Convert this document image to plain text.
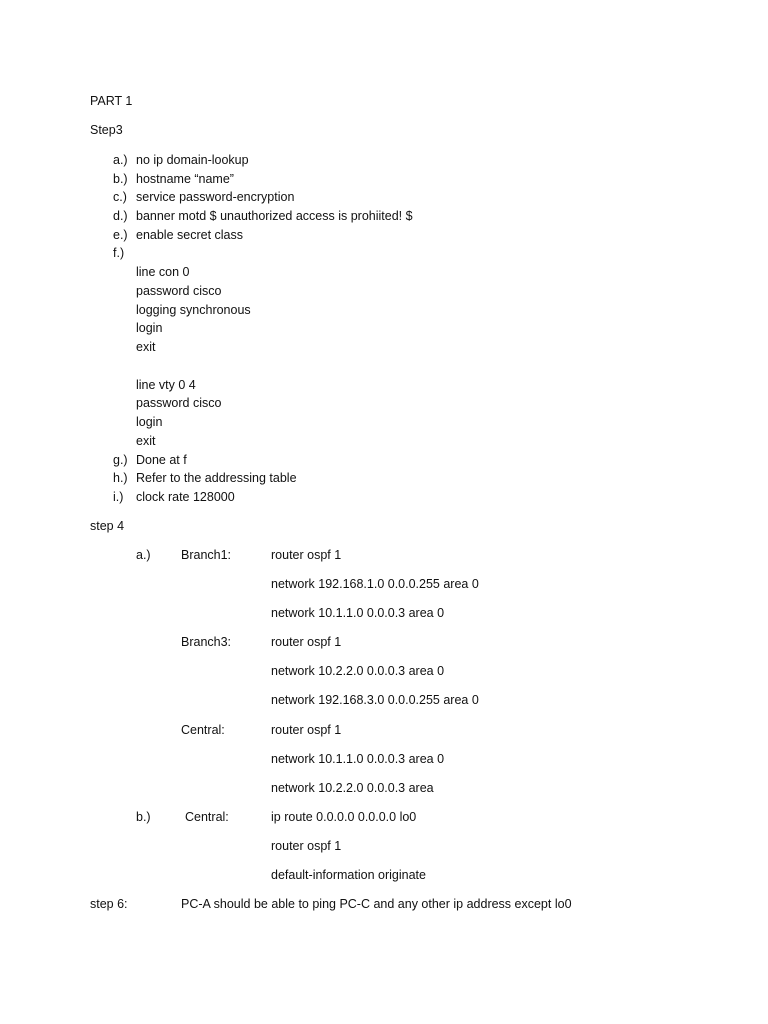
PART 1
Step3
a.) no ip domain-lookup
b.) hostname “name”
c.) service password-encryption
d.) banner motd $ unauthorized access is prohiited! $
e.) enable secret class
f.)
line con 0
password cisco
logging synchronous
login
exit
line vty 0 4
password cisco
login
exit
g.) Done at f
h.) Refer to the addressing table
i.) clock rate 128000
step 4
a.) Branch1:	router ospf 1
network 192.168.1.0 0.0.0.255 area 0
network 10.1.1.0 0.0.0.3 area 0
Branch3:	router ospf 1
network 10.2.2.0 0.0.0.3 area 0
network 192.168.3.0 0.0.0.255 area 0
Central:	router ospf 1
network 10.1.1.0 0.0.0.3 area 0
network 10.2.2.0 0.0.0.3 area
b.)	Central:	ip route 0.0.0.0 0.0.0.0 lo0
router ospf 1
default-information originate
step 6:	PC-A should be able to ping PC-C and any other ip address except lo0
